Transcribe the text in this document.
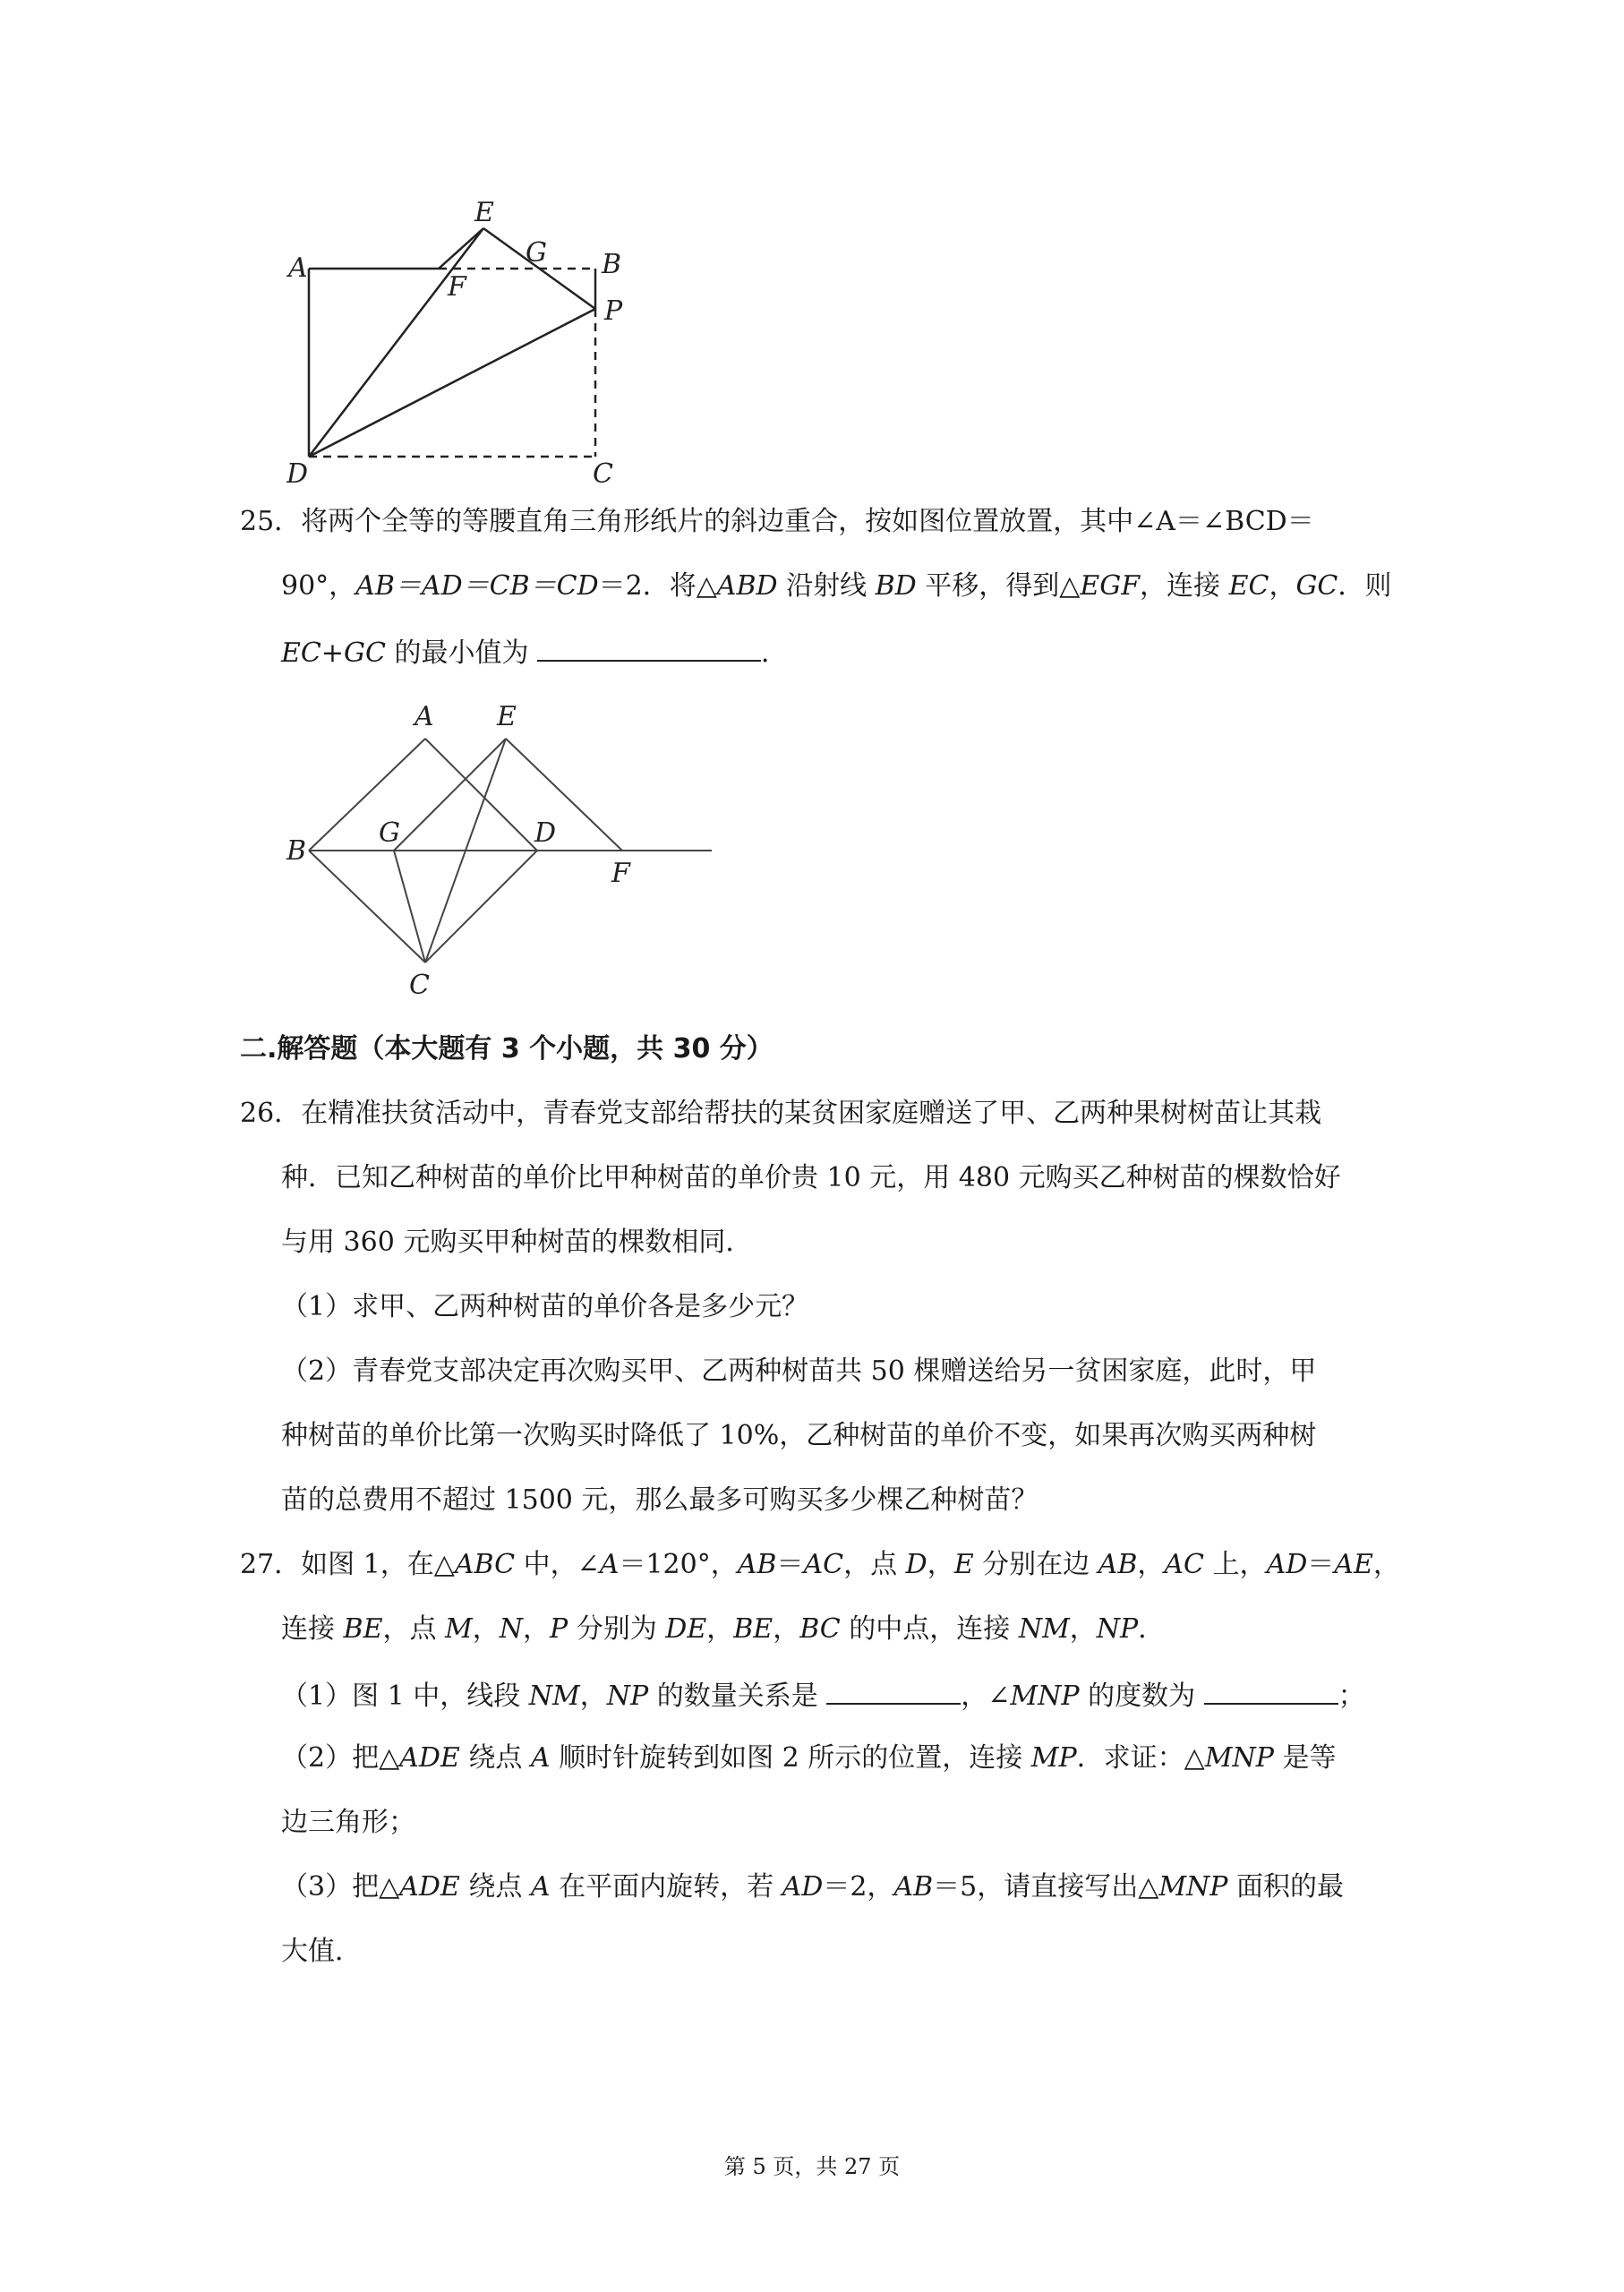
A	B
C
D
E
F
G
P
25．将两个全等的等腰直角三角形纸片的斜边重合，按如图位置放置，其中∠A＝∠BCD＝
90°，AB＝AD＝CB＝CD＝2．将△ABD 沿射线 BD 平移，得到△EGF，连接 EC，GC．则
EC+GC 的最小值为	．
A
B
C
D
E
F
G
二.解答题（本大题有 3 个小题，共 30 分）
26．在精准扶贫活动中，青春党支部给帮扶的某贫困家庭赠送了甲、乙两种果树树苗让其栽
种．已知乙种树苗的单价比甲种树苗的单价贵 10 元，用 480 元购买乙种树苗的棵数恰好
与用 360 元购买甲种树苗的棵数相同．
（1）求甲、乙两种树苗的单价各是多少元？
（2）青春党支部决定再次购买甲、乙两种树苗共 50 棵赠送给另一贫困家庭，此时，甲
种树苗的单价比第一次购买时降低了 10%，乙种树苗的单价不变，如果再次购买两种树
苗的总费用不超过 1500 元，那么最多可购买多少棵乙种树苗？
27．如图 1，在△ABC 中，∠A＝120°，AB＝AC，点 D，E 分别在边 AB，AC 上，AD＝AE，
连接 BE，点 M，N，P 分别为 DE，BE，BC 的中点，连接 NM，NP．
（1）图 1 中，线段 NM，NP 的数量关系是	，∠MNP 的度数为	；
（2）把△ADE 绕点 A 顺时针旋转到如图 2 所示的位置，连接 MP．求证：△MNP 是等
边三角形；
（3）把△ADE 绕点 A 在平面内旋转，若 AD＝2，AB＝5，请直接写出△MNP 面积的最
大值．
第 5 页，共 27 页
